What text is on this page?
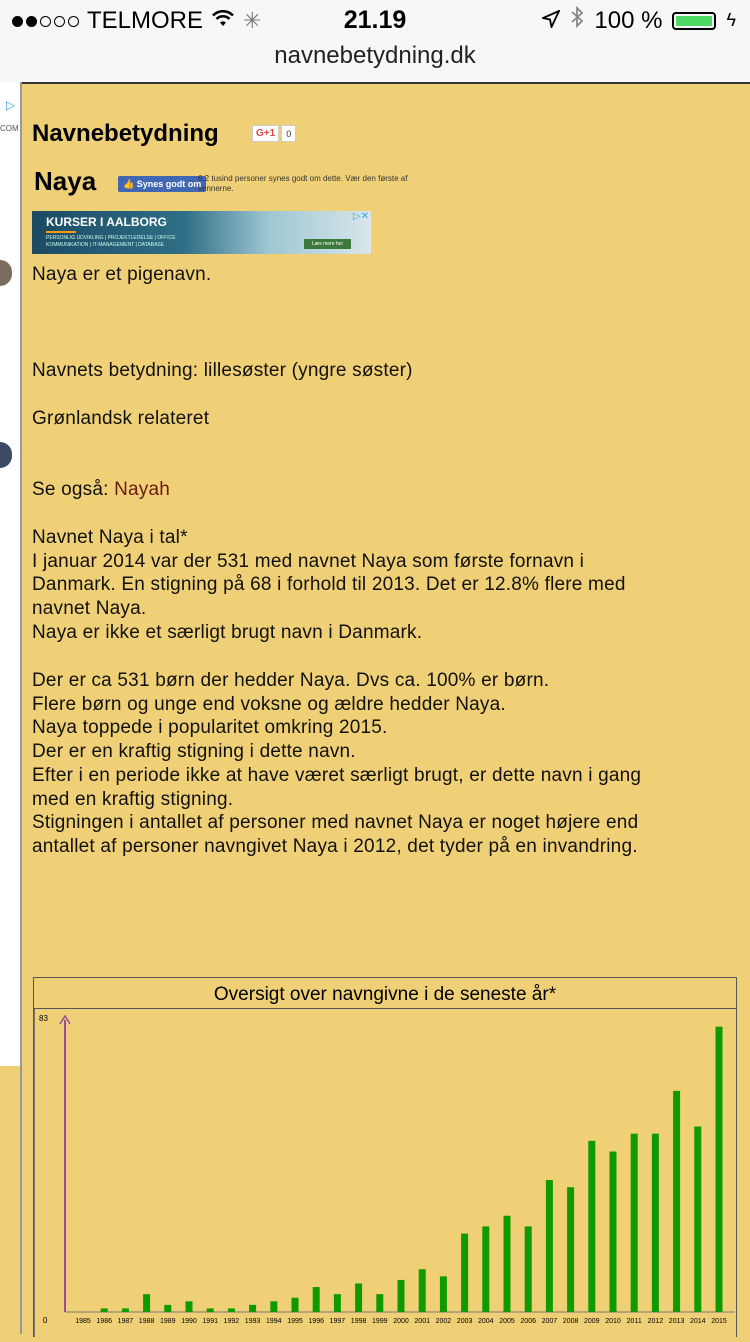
TELMORE ✳	21.19	100 %	ϟ
navnebetydning.dk
▷
COM Navnebetydning	G+1	0
Naya	👍 Synes godt om
6,2 tusind personer synes godt om dette. Vær den første af vennerne.
KURSER I AALBORG
PERSONLIG UDVIKLING | PROJEKTLEDELSE | OFFICE KOMMUNIKATION | IT-MANAGEMENT | DATABASE	Læs mere her
▷✕
Naya er et pigenavn.
Navnets betydning: lillesøster (yngre søster)
Grønlandsk relateret
Se også: Nayah
Navnet Naya i tal*
I januar 2014 var der 531 med navnet Naya som første fornavn i
Danmark. En stigning på 68 i forhold til 2013. Det er 12.8% flere med
navnet Naya.
Naya er ikke et særligt brugt navn i Danmark.
Der er ca 531 børn der hedder Naya. Dvs ca. 100% er børn.
Flere børn og unge end voksne og ældre hedder Naya.
Naya toppede i popularitet omkring 2015.
Der er en kraftig stigning i dette navn.
Efter i en periode ikke at have været særligt brugt, er dette navn i gang
med en kraftig stigning.
Stigningen i antallet af personer med navnet Naya er noget højere end
antallet af personer navngivet Naya i 2012, det tyder på en invandring.
Oversigt over navngivne i de seneste år*
83
0	1985 1986 1987 1988 1989 1990 1991 1992 1993 1994 1995 1996 1997 1998 1999 2000 2001 2002 2003 2004 2005 2006 2007 2008 2009 2010 2011 2012 2013 2014 2015
